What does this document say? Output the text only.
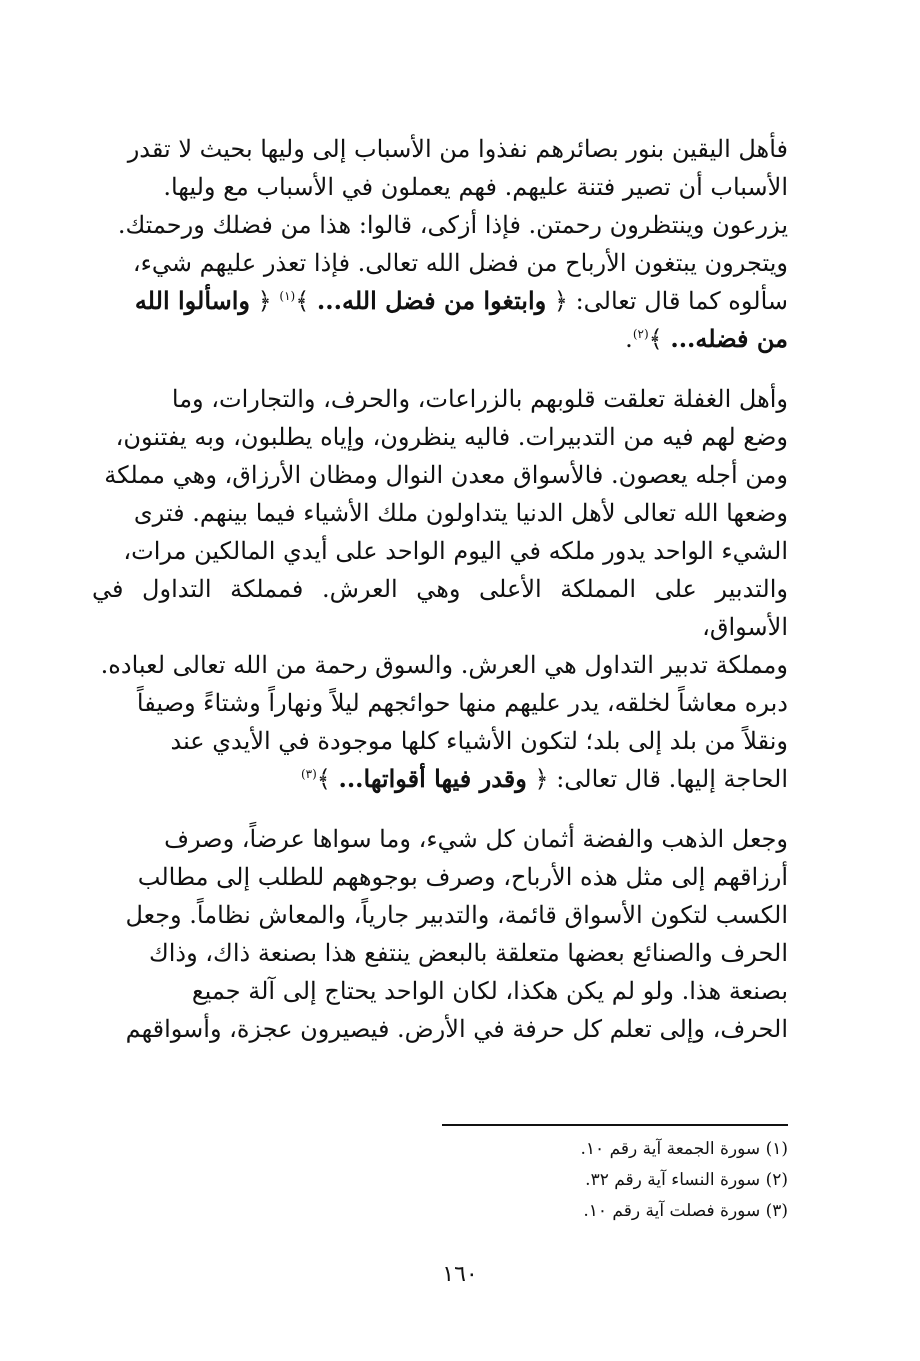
فأهل اليقين بنور بصائرهم نفذوا من الأسباب إلى وليها بحيث لا تقدر

الأسباب أن تصير فتنة عليهم. فهم يعملون في الأسباب مع وليها.

يزرعون وينتظرون رحمتن. فإذا أزكى، قالوا: هذا من فضلك ورحمتك.

ويتجرون يبتغون الأرباح من فضل الله تعالى. فإذا تعذر عليهم شيء،

سألوه كما قال تعالى: ﴿ وابتغوا من فضل الله... ﴾$^{(١)}$ ﴿ واسألوا الله

من فضله... ﴾$^{(٢)}$.

وأهل الغفلة تعلقت قلوبهم بالزراعات، والحرف، والتجارات، وما

وضع لهم فيه من التدبيرات. فاليه ينظرون، وإياه يطلبون، وبه يفتنون،

ومن أجله يعصون. فالأسواق معدن النوال ومظان الأرزاق، وهي مملكة

وضعها الله تعالى لأهل الدنيا يتداولون ملك الأشياء فيما بينهم. فترى

الشيء الواحد يدور ملكه في اليوم الواحد على أيدي المالكين مرات،

والتدبير على المملكة الأعلى وهي العرش. فمملكة التداول في الأسواق،

ومملكة تدبير التداول هي العرش. والسوق رحمة من الله تعالى لعباده.

دبره معاشاً لخلقه، يدر عليهم منها حوائجهم ليلاً ونهاراً وشتاءً وصيفاً

ونقلاً من بلد إلى بلد؛ لتكون الأشياء كلها موجودة في الأيدي عند

الحاجة إليها. قال تعالى: ﴿ وقدر فيها أقواتها... ﴾$^{(٣)}$

وجعل الذهب والفضة أثمان كل شيء، وما سواها عرضاً، وصرف

أرزاقهم إلى مثل هذه الأرباح، وصرف بوجوههم للطلب إلى مطالب

الكسب لتكون الأسواق قائمة، والتدبير جارياً، والمعاش نظاماً. وجعل

الحرف والصنائع بعضها متعلقة بالبعض ينتفع هذا بصنعة ذاك، وذاك

بصنعة هذا. ولو لم يكن هكذا، لكان الواحد يحتاج إلى آلة جميع

الحرف، وإلى تعلم كل حرفة في الأرض. فيصيرون عجزة، وأسواقهم

(١) سورة الجمعة آية رقم ١٠.
(٢) سورة النساء آية رقم ٣٢.
(٣) سورة فصلت آية رقم ١٠.
١٦٠
